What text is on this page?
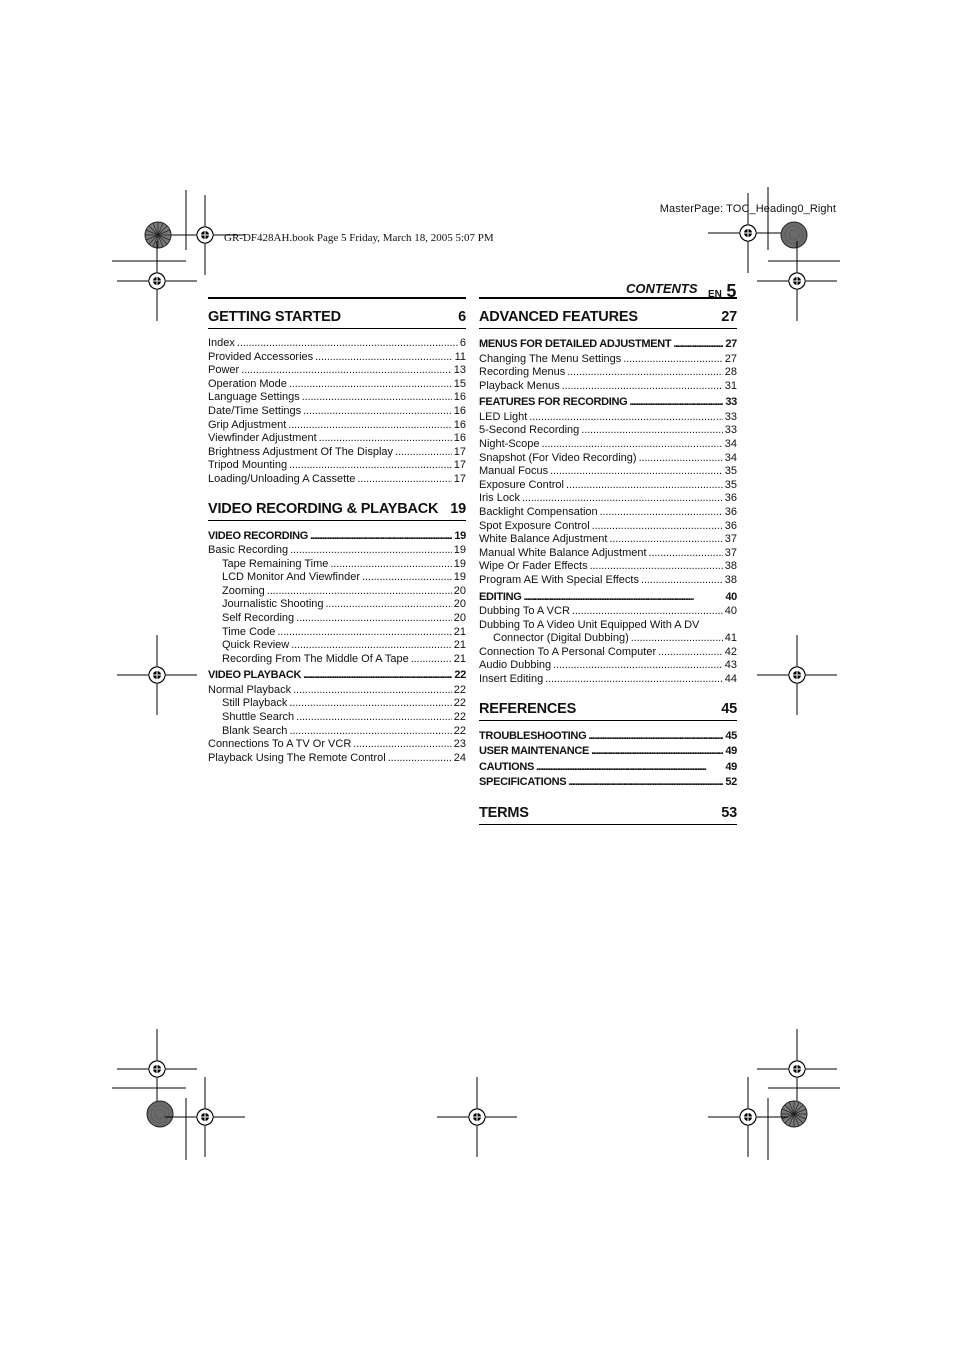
MasterPage: TOC_Heading0_Right
GR-DF428AH.book Page 5 Friday, March 18, 2005 5:07 PM
CONTENTS EN 5
GETTING STARTED	6
Index . . .	6
Provided Accessories . . .	11
Power . . .	13
Operation Mode . . .	15
Language Settings . . .	16
Date/Time Settings . . .	16
Grip Adjustment . . .	16
Viewfinder Adjustment . . .	16
Brightness Adjustment Of The Display . . .	17
Tripod Mounting . . .	17
Loading/Unloading A Cassette . . .	17
VIDEO RECORDING & PLAYBACK 19
VIDEO RECORDING . . .	19
Basic Recording . . .	19
Tape Remaining Time . . .	19
LCD Monitor And Viewfinder . . .	19
Zooming . . .	20
Journalistic Shooting . . .	20
Self Recording . . .	20
Time Code . . .	21
Quick Review . . .	21
Recording From The Middle Of A Tape . . .	21
VIDEO PLAYBACK . . .	22
Normal Playback . . .	22
Still Playback . . .	22
Shuttle Search . . .	22
Blank Search . . .	22
Connections To A TV Or VCR . . .	23
Playback Using The Remote Control . . .	24
ADVANCED FEATURES	27
MENUS FOR DETAILED ADJUSTMENT . . .	27
Changing The Menu Settings . . .	27
Recording Menus . . .	28
Playback Menus . . .	31
FEATURES FOR RECORDING . . .	33
LED Light . . .	33
5-Second Recording . . .	33
Night-Scope . . .	34
Snapshot (For Video Recording) . . .	34
Manual Focus . . .	35
Exposure Control . . .	35
Iris Lock . . .	36
Backlight Compensation . . .	36
Spot Exposure Control . . .	36
White Balance Adjustment . . .	37
Manual White Balance Adjustment . . .	37
Wipe Or Fader Effects . . .	38
Program AE With Special Effects . . .	38
EDITING . . .	40
Dubbing To A VCR . . .	40
Dubbing To A Video Unit Equipped With A DV
Connector (Digital Dubbing) . . .	41
Connection To A Personal Computer . . .	42
Audio Dubbing . . .	43
Insert Editing . . .	44
REFERENCES	45
TROUBLESHOOTING . . .	45
USER MAINTENANCE . . .	49
CAUTIONS . . .	49
SPECIFICATIONS . . .	52
TERMS	53
